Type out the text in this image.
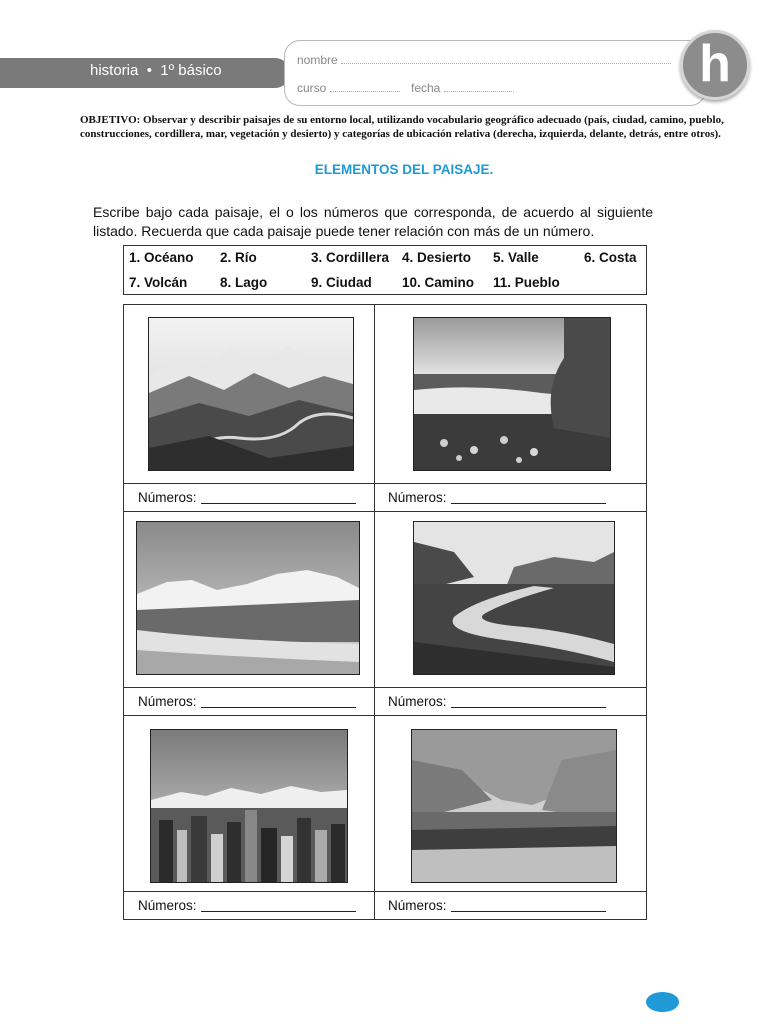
historia  •  1º básico
nombre
curso	fecha	h
OBJETIVO: Observar y describir paisajes de su entorno local, utilizando vocabulario geográfico adecuado (país, ciudad, camino, pueblo, construcciones, cordillera, mar, vegetación y desierto) y categorías de ubicación relativa (derecha, izquierda, delante, detrás, entre otros).
ELEMENTOS DEL PAISAJE.
Escribe bajo cada paisaje, el o los números que corresponda, de acuerdo al siguiente listado. Recuerda que cada paisaje puede tener relación con más de un número.
1. Océano 2. Río	3. Cordillera 4. Desierto 5. Valle	6. Costa
7. Volcán 8. Lago	9. Ciudad 10. Camino 11. Pueblo
Números:	Números:
Números:	Números:
Números:	Números:
